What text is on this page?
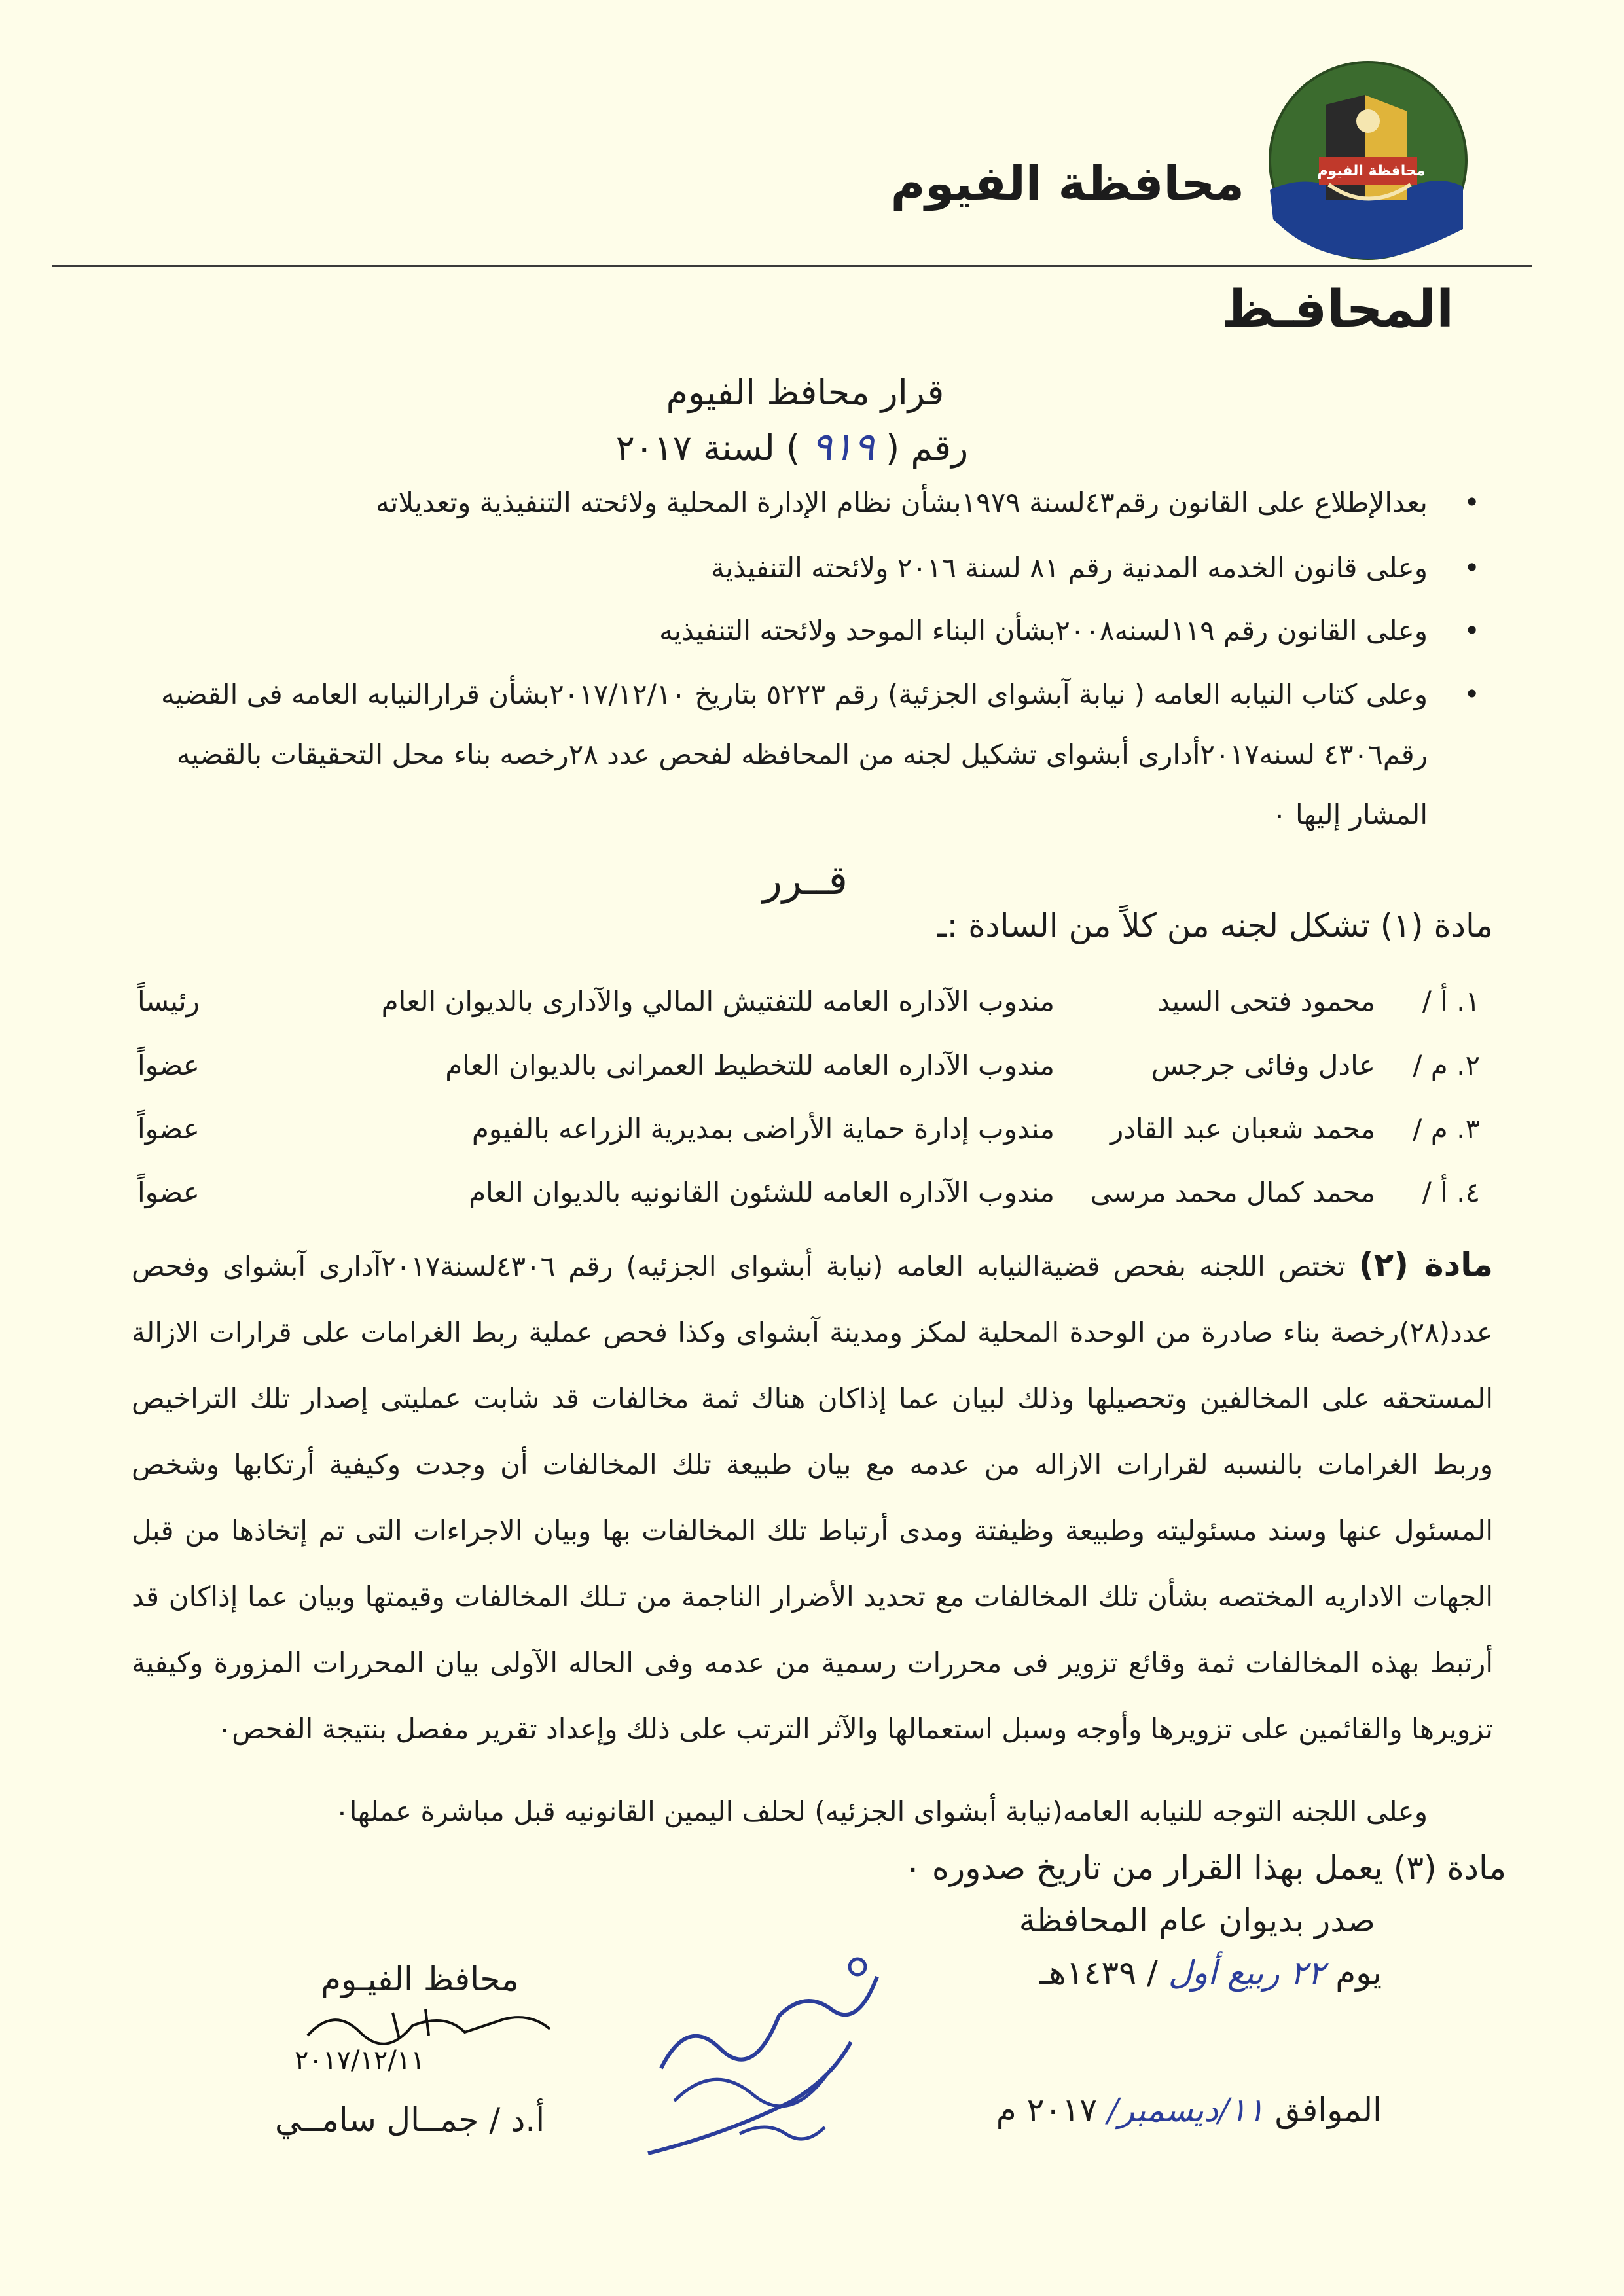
محافظة الفيوم
محافظة الفيوم
المحافـظ
قرار محافظ الفيوم
رقم ( ٩١٩ ) لسنة ٢٠١٧
• بعدالإطلاع على القانون رقم٤٣لسنة ١٩٧٩بشأن نظام الإدارة المحلية ولائحته التنفيذية وتعديلاته
• وعلى قانون الخدمه المدنية رقم ٨١ لسنة ٢٠١٦ ولائحته التنفيذية
• وعلى القانون رقم ١١٩لسنه٢٠٠٨بشأن البناء الموحد ولائحته التنفيذيه
• وعلى كتاب النيابه العامه ( نيابة آبشواى الجزئية) رقم ٥٢٢٣ بتاريخ ٢٠١٧/١٢/١٠بشأن قرارالنيابه العامه فى القضيه رقم٤٣٠٦ لسنه٢٠١٧أدارى أبشواى تشكيل لجنه من المحافظه لفحص عدد ٢٨رخصه بناء محل التحقيقات بالقضيه المشار إليها ٠
قــرر
مادة (١) تشكل لجنه من كلاً من السادة :ـ
١. أ /
محمود فتحى السيد
مندوب الآداره العامه للتفتيش المالي والآدارى بالديوان العام
رئيساً
٢. م /
عادل وفائى جرجس
مندوب الآداره العامه للتخطيط العمرانى بالديوان العام
عضواً
٣. م /
محمد شعبان عبد القادر
مندوب إدارة حماية الأراضى بمديرية الزراعه بالفيوم
عضواً
٤. أ /
محمد كمال محمد مرسى
مندوب الآداره العامه للشئون القانونيه بالديوان العام
عضواً
مادة (٢) تختص اللجنه بفحص قضيةالنيابه العامه (نيابة أبشواى الجزئيه) رقم ٤٣٠٦لسنة٢٠١٧آدارى آبشواى وفحص عدد(٢٨)رخصة بناء صادرة من الوحدة المحلية لمكز ومدينة آبشواى وكذا فحص عملية ربط الغرامات على قرارات الازالة المستحقه على المخالفين وتحصيلها وذلك لبيان عما إذاكان هناك ثمة مخالفات قد شابت عمليتى إصدار تلك التراخيص وربط الغرامات بالنسبه لقرارات الازاله من عدمه مع بيان طبيعة تلك المخالفات أن وجدت وكيفية أرتكابها وشخص المسئول عنها وسند مسئوليته وطبيعة وظيفتة ومدى أرتباط تلك المخالفات بها وبيان الاجراءات التى تم إتخاذها من قبل الجهات الاداريه المختصه بشأن تلك المخالفات مع تحديد الأضرار الناجمة من تـلك المخالفات وقيمتها وبيان عما إذاكان قد أرتبط بهذه المخالفات ثمة وقائع تزوير فى محررات رسمية من عدمه وفى الحاله الآولى بيان المحررات المزورة وكيفية تزويرها والقائمين على تزويرها وأوجه وسبل استعمالها والآثر الترتب على ذلك وإعداد تقرير مفصل بنتيجة الفحص٠
وعلى اللجنه التوجه للنيابه العامه(نيابة أبشواى الجزئيه) لحلف اليمين القانونيه قبل مباشرة عملها٠
مادة (٣) يعمل بهذا القرار من تاريخ صدوره ٠
صدر بديوان عام المحافظة
يوم ٢٢ ربيع أول / ١٤٣٩هـ
الموافق ١١/ديسمبر/ ٢٠١٧ م
محافظ الفيـوم
٢٠١٧/١٢/١١
أ.د / جمــال سامــي
